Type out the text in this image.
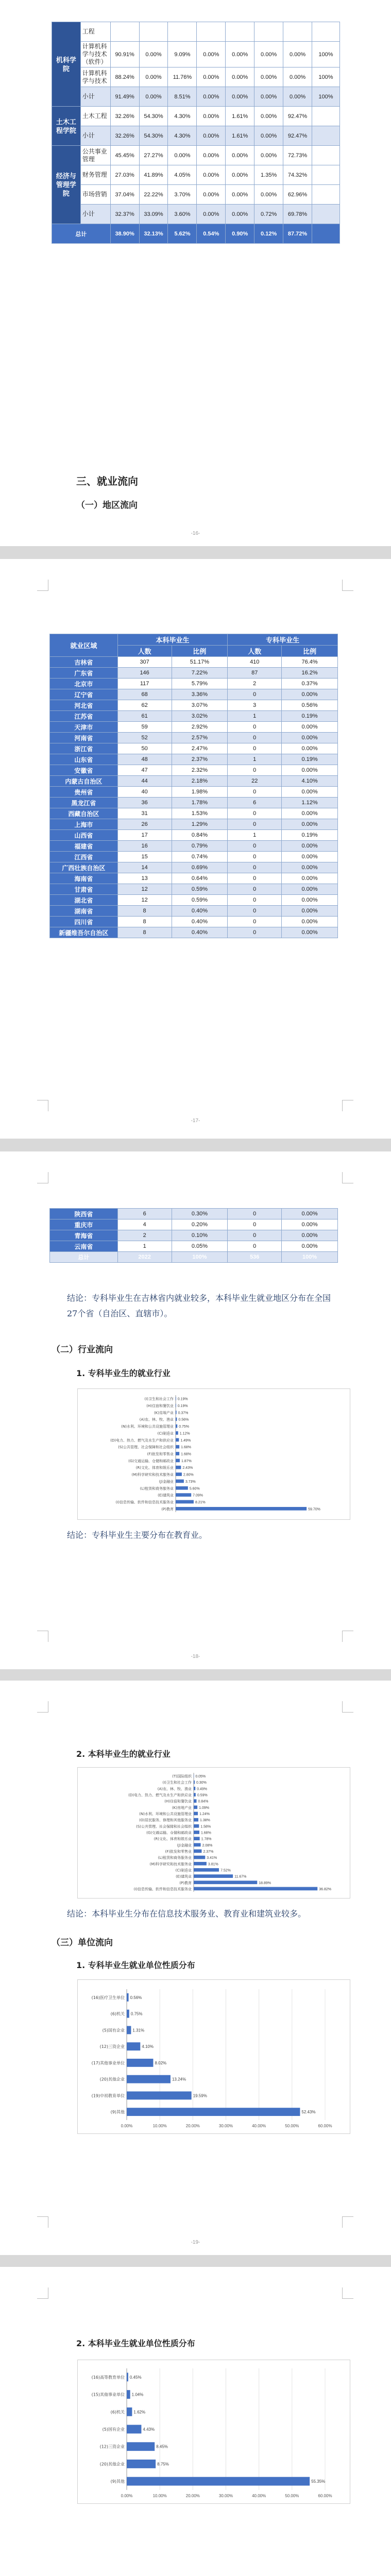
机科学院	工程								
	计算机科学与技术（软件）	90.91%	0.00%	9.09%	0.00%	0.00%	0.00%	0.00%	100%
	计算机科学与技术	88.24%	0.00%	11.76%	0.00%	0.00%	0.00%	0.00%	100%
	小计	91.49%	0.00%	8.51%	0.00%	0.00%	0.00%	0.00%	100%
土木工程学院	土木工程	32.26%	54.30%	4.30%	0.00%	1.61%	0.00%	92.47%	
	小计	32.26%	54.30%	4.30%	0.00%	1.61%	0.00%	92.47%	
经济与管理学院	公共事业管理	45.45%	27.27%	0.00%	0.00%	0.00%	0.00%	72.73%	
	财务管理	27.03%	41.89%	4.05%	0.00%	0.00%	1.35%	74.32%	
	市场营销	37.04%	22.22%	3.70%	0.00%	0.00%	0.00%	62.96%	
	小计	32.37%	33.09%	3.60%	0.00%	0.00%	0.72%	69.78%	
总计		38.90%	32.13%	5.62%	0.54%	0.90%	0.12%	87.72%	
三、就业流向
（一）地区流向
-16-
就业区域	本科毕业生		专科毕业生	
	人数	比例	人数	比例
吉林省	307	51.17%	410	76.4%
广东省	146	7.22%	87	16.2%
北京市	117	5.79%	2	0.37%
辽宁省	68	3.36%	0	0.00%
河北省	62	3.07%	3	0.56%
江苏省	61	3.02%	1	0.19%
天津市	59	2.92%	0	0.00%
河南省	52	2.57%	0	0.00%
浙江省	50	2.47%	0	0.00%
山东省	48	2.37%	1	0.19%
安徽省	47	2.32%	0	0.00%
内蒙古自治区	44	2.18%	22	4.10%
贵州省	40	1.98%	0	0.00%
黑龙江省	36	1.78%	6	1.12%
西藏自治区	31	1.53%	0	0.00%
上海市	26	1.29%	0	0.00%
山西省	17	0.84%	1	0.19%
福建省	16	0.79%	0	0.00%
江西省	15	0.74%	0	0.00%
广西壮族自治区	14	0.69%	0	0.00%
海南省	13	0.64%	0	0.00%
甘肃省	12	0.59%	0	0.00%
湖北省	12	0.59%	0	0.00%
湖南省	8	0.40%	0	0.00%
四川省	8	0.40%	0	0.00%
新疆维吾尔自治区	8	0.40%	0	0.00%
-17-
陕西省	6	0.30%	0	0.00%
重庆市	4	0.20%	0	0.00%
青海省	2	0.10%	0	0.00%
云南省	1	0.05%	0	0.00%
总计	2022	100%	536	100%
结论：专科毕业生在吉林省内就业较多，本科毕业生就业地区分布在全国27个省（自治区、直辖市）。
（二）行业流向
1. 专科毕业生的就业行业
(I)卫生和社会工作 0.19%
(H)住宿和餐饮业 0.19%
(K)房地产业 0.37%
(A)农、林、牧、渔业 0.56%
(N)水利、环境和公共设施管理业 0.75%
(C)制造业 1.12%
(D)电力、热力、燃气及水生产和供应业 1.49%
(S)公共管理、社会保障和社会组织 1.68%
(F)批发和零售业 1.68%
(G)交通运输、仓储和邮政业 1.87%
(R)文化、体育和娱乐业 2.43%
(M)科学研究和技术服务业	2.80%
(J)金融业	3.73%
(L)租赁和商务服务业	5.60%
(E)建筑业	7.09%
(I)信息传输、软件和信息技术服务业	8.21%
(P)教育	59.70%
结论：专科毕业生主要分布在教育业。
-18-
2. 本科毕业生的就业行业
(T)国际组织 0.05%
(I)卫生和社会工作 0.30%
(A)农、林、牧、渔业 0.49%
(D)电力、热力、燃气及水生产和供应业 0.59%
(H)住宿和餐饮业 0.84%
(K)房地产业 1.09%
(N)水利、环境和公共设施管理业 1.24%
(O)居民服务、修理和其他服务业 1.38%
(S)公共管理、社会保障和社会组织 1.58%
(G)交通运输、仓储和邮政业	1.68%
(R)文化、体育和娱乐业	1.78%
(J)金融业	2.08%
(F)批发和零售业	2.37%
(L)租赁和商务服务业	3.41%
(M)科学研究和技术服务业	3.81%
(C)制造业	7.52%
(E)建筑业	11.67%
(P)教育	18.89%
(I)信息传输、软件和信息技术服务业	36.82%
结论：本科毕业生分布在信息技术服务业、教育业和建筑业较多。
（三）单位流向
1. 专科毕业生就业单位性质分布
0.00%	10.00%	20.00%	30.00%	40.00%	50.00%	60.00%
(16)医疗卫生单位 0.56%
(6)机关 0.75%
(5)国有企业 1.31%
(12)三资企业	4.10%
(17)其他事业单位	8.02%
(20)其他企业	13.24%
(19)中初教育单位	19.59%
(9)其他	52.43%
-19-
2. 本科毕业生就业单位性质分布
0.00%	10.00%	20.00%	30.00%	40.00%	50.00%	60.00%
(16)高等教育单位 0.45%
(15)其他事业单位 1.04%
(6)机关 1.62%
(5)国有企业	4.43%
(12)三资企业	8.45%
(20)其他企业	8.75%
(9)其他	55.35%
